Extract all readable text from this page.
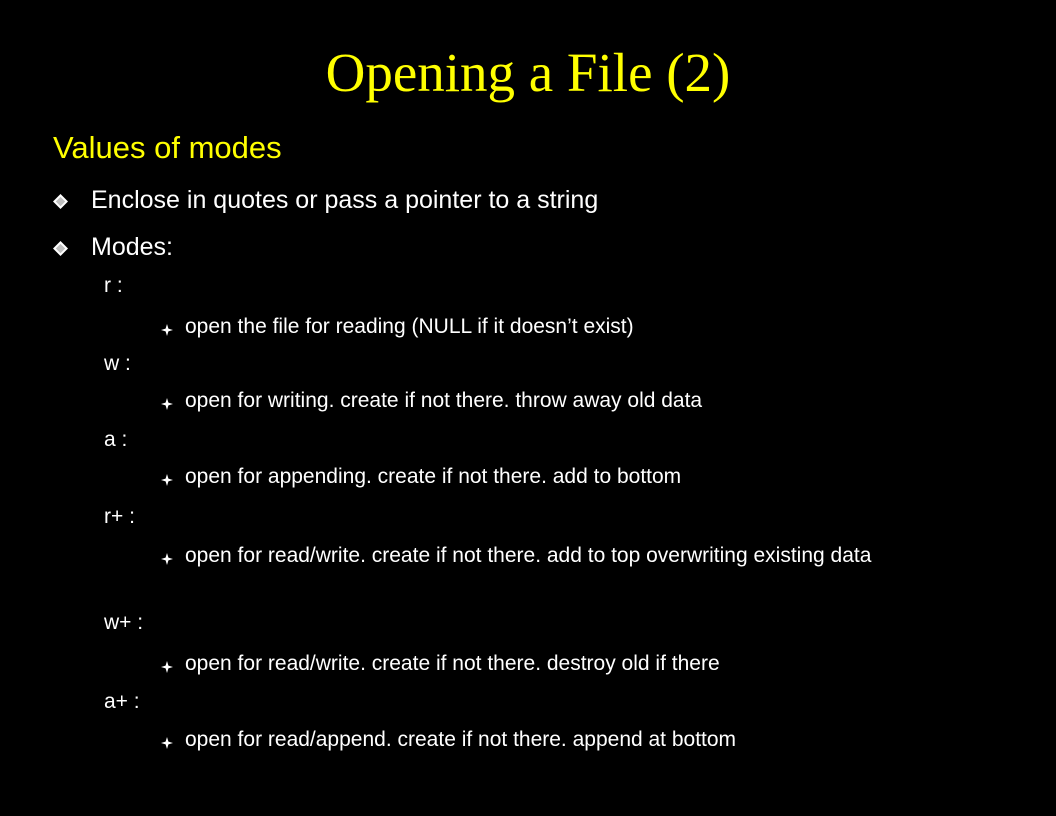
Opening a File (2)
Values of modes
Enclose in quotes or pass a pointer to a string
Modes:
r :
open the file for reading (NULL if it doesn’t exist)
w :
open for writing. create if not there. throw away old data
a :
open for appending. create if not there. add to bottom
r+ :
open for read/write. create if not there. add to top overwriting existing data
w+ :
open for read/write. create if not there. destroy old if there
a+ :
open for read/append. create if not there. append at bottom
